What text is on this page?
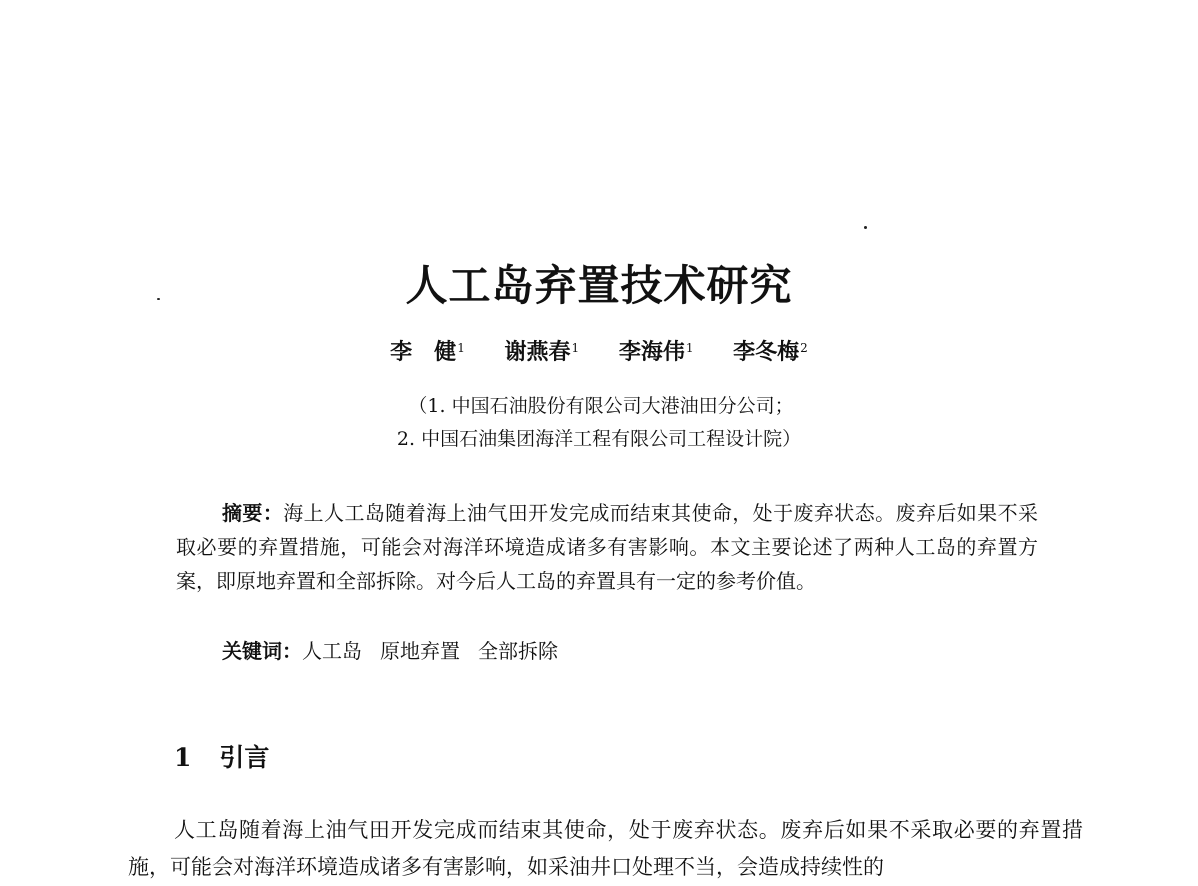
人工岛弃置技术研究
李　健$^1$ 谢燕春$^1$ 李海伟$^1$ 李冬梅$^2$
（1. 中国石油股份有限公司大港油田分公司；
2. 中国石油集团海洋工程有限公司工程设计院）
摘要：海上人工岛随着海上油气田开发完成而结束其使命，处于废弃状态。废弃后如果不采取必要的弃置措施，可能会对海洋环境造成诸多有害影响。本文主要论述了两种人工岛的弃置方案，即原地弃置和全部拆除。对今后人工岛的弃置具有一定的参考价值。
关键词：人工岛 原地弃置 全部拆除
1 引言
人工岛随着海上油气田开发完成而结束其使命，处于废弃状态。废弃后如果不采取必要的弃置措施，可能会对海洋环境造成诸多有害影响，如采油井口处理不当，会造成持续性的
